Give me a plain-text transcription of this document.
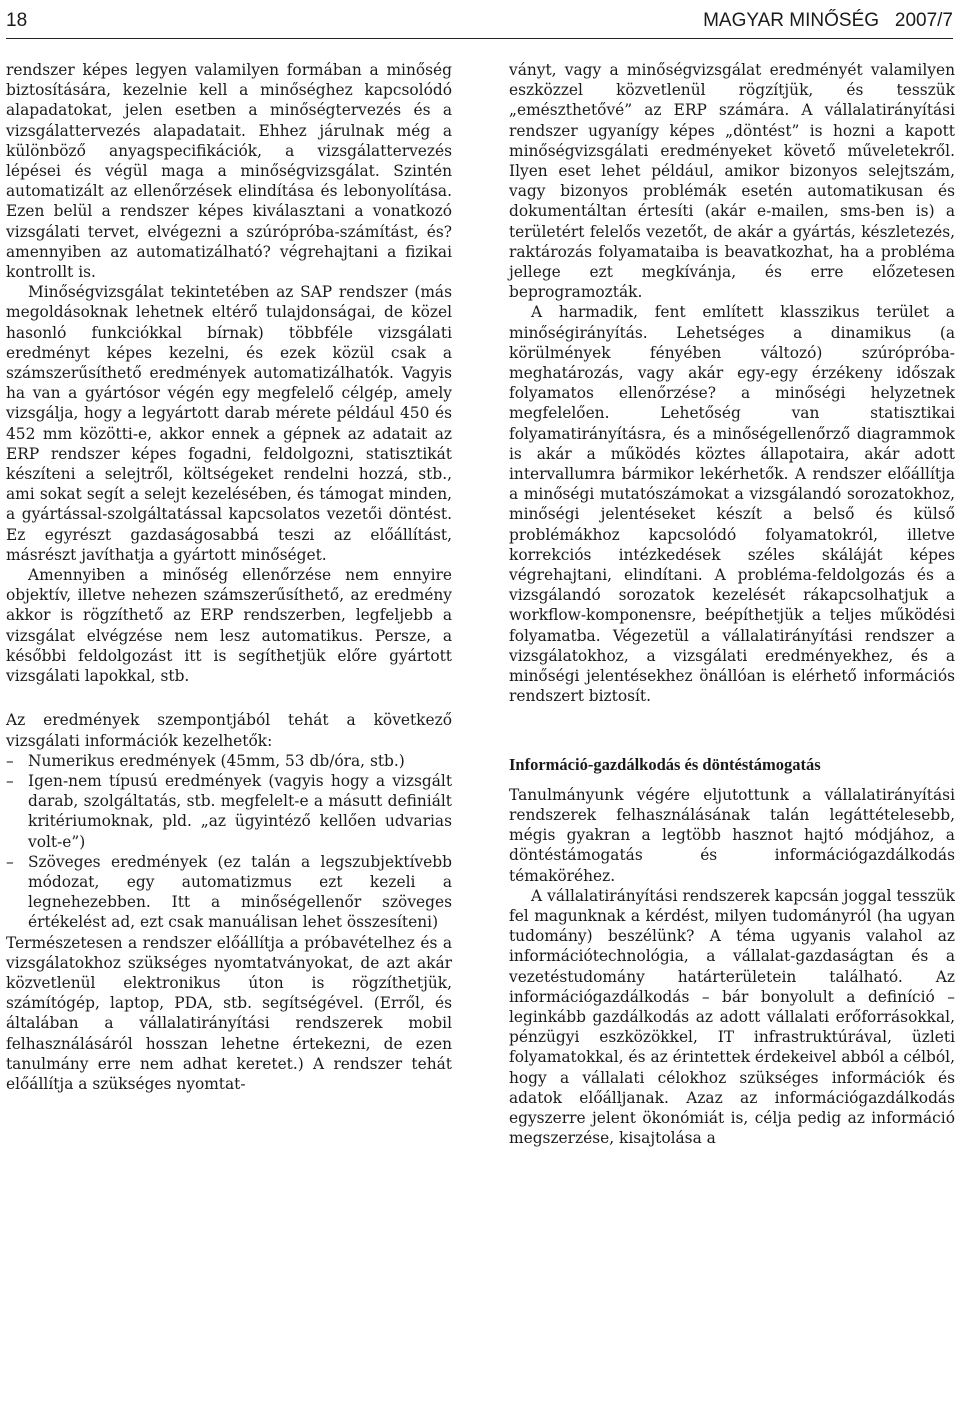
18	MAGYAR MINŐSÉG   2007/7

rendszer képes legyen valamilyen formában a minőség biztosítására, kezelnie kell a minőséghez kapcsolódó alapadatokat, jelen esetben a minőségtervezés és a vizsgálattervezés alapadatait. Ehhez járulnak még a különböző anyagspecifikációk, a vizsgálattervezés lépései és végül maga a minőségvizsgálat. Szintén automatizált az ellenőrzések elindítása és lebonyolítása. Ezen belül a rendszer képes kiválasztani a vonatkozó vizsgálati tervet, elvégezni a szúrópróba-számítást, és? amennyiben az automatizálható? végrehajtani a fizikai kontrollt is.

Minőségvizsgálat tekintetében az SAP rendszer (más megoldásoknak lehetnek eltérő tulajdonságai, de közel hasonló funkciókkal bírnak) többféle vizsgálati eredményt képes kezelni, és ezek közül csak a számszerűsíthető eredmények automatizálhatók. Vagyis ha van a gyártósor végén egy megfelelő célgép, amely vizsgálja, hogy a legyártott darab mérete például 450 és 452 mm közötti-e, akkor ennek a gépnek az adatait az ERP rendszer képes fogadni, feldolgozni, statisztikát készíteni a selejtről, költségeket rendelni hozzá, stb., ami sokat segít a selejt kezelésében, és támogat minden, a gyártással-szolgáltatással kapcsolatos vezetői döntést. Ez egyrészt gazdaságosabbá teszi az előállítást, másrészt javíthatja a gyártott minőséget.

Amennyiben a minőség ellenőrzése nem ennyire objektív, illetve nehezen számszerűsíthető, az eredmény akkor is rögzíthető az ERP rendszerben, legfeljebb a vizsgálat elvégzése nem lesz automatikus. Persze, a későbbi feldolgozást itt is segíthetjük előre gyártott vizsgálati lapokkal, stb.

Az eredmények szempontjából tehát a következő vizsgálati információk kezelhetők:

– Numerikus eredmények (45mm, 53 db/óra, stb.)
– Igen-nem típusú eredmények (vagyis hogy a vizsgált darab, szolgáltatás, stb. megfelelt-e a másutt definiált kritériumoknak, pld. „az ügyintéző kellően udvarias volt-e”)
– Szöveges eredmények (ez talán a legszubjektívebb módozat, egy automatizmus ezt kezeli a legnehezebben. Itt a minőségellenőr szöveges értékelést ad, ezt csak manuálisan lehet összesíteni)

Természetesen a rendszer előállítja a próbavételhez és a vizsgálatokhoz szükséges nyomtatványokat, de azt akár közvetlenül elektronikus úton is rögzíthetjük, számítógép, laptop, PDA, stb. segítségével. (Erről, és általában a vállalatirányítási rendszerek mobil felhasználásáról hosszan lehetne értekezni, de ezen tanulmány erre nem adhat keretet.) A rendszer tehát előállítja a szükséges nyomtat-

ványt, vagy a minőségvizsgálat eredményét valamilyen eszközzel közvetlenül rögzítjük, és tesszük „emészthetővé” az ERP számára. A vállalatirányítási rendszer ugyanígy képes „döntést” is hozni a kapott minőségvizsgálati eredményeket követő műveletekről. Ilyen eset lehet például, amikor bizonyos selejtszám, vagy bizonyos problémák esetén automatikusan és dokumentáltan értesíti (akár e-mailen, sms-ben is) a területért felelős vezetőt, de akár a gyártás, készletezés, raktározás folyamataiba is beavatkozhat, ha a probléma jellege ezt megkívánja, és erre előzetesen beprogramozták.

A harmadik, fent említett klasszikus terület a minőségirányítás. Lehetséges a dinamikus (a körülmények fényében változó) szúrópróba-meghatározás, vagy akár egy-egy érzékeny időszak folyamatos ellenőrzése? a minőségi helyzetnek megfelelően. Lehetőség van statisztikai folyamatirányításra, és a minőségellenőrző diagrammok is akár a működés köztes állapotaira, akár adott intervallumra bármikor lekérhetők. A rendszer előállítja a minőségi mutatószámokat a vizsgálandó sorozatokhoz, minőségi jelentéseket készít a belső és külső problémákhoz kapcsolódó folyamatokról, illetve korrekciós intézkedések széles skáláját képes végrehajtani, elindítani. A probléma-feldolgozás és a vizsgálandó sorozatok kezelését rákapcsolhatjuk a workflow-komponensre, beépíthetjük a teljes működési folyamatba. Végezetül a vállalatirányítási rendszer a vizsgálatokhoz, a vizsgálati eredményekhez, és a minőségi jelentésekhez önállóan is elérhető információs rendszert biztosít.

Információ-gazdálkodás és döntéstámogatás

Tanulmányunk végére eljutottunk a vállalatirányítási rendszerek felhasználásának talán legáttételesebb, mégis gyakran a legtöbb hasznot hajtó módjához, a döntéstámogatás és információgazdálkodás témaköréhez.

A vállalatirányítási rendszerek kapcsán joggal tesszük fel magunknak a kérdést, milyen tudományról (ha ugyan tudomány) beszélünk? A téma ugyanis valahol az információtechnológia, a vállalat-gazdaságtan és a vezetéstudomány határterületein található. Az információgazdálkodás – bár bonyolult a definíció – leginkább gazdálkodás az adott vállalati erőforrásokkal, pénzügyi eszközökkel, IT infrastruktúrával, üzleti folyamatokkal, és az érintettek érdekeivel abból a célból, hogy a vállalati célokhoz szükséges információk és adatok előálljanak. Azaz az információgazdálkodás egyszerre jelent ökonómiát is, célja pedig az információ megszerzése, kisajtolása a
